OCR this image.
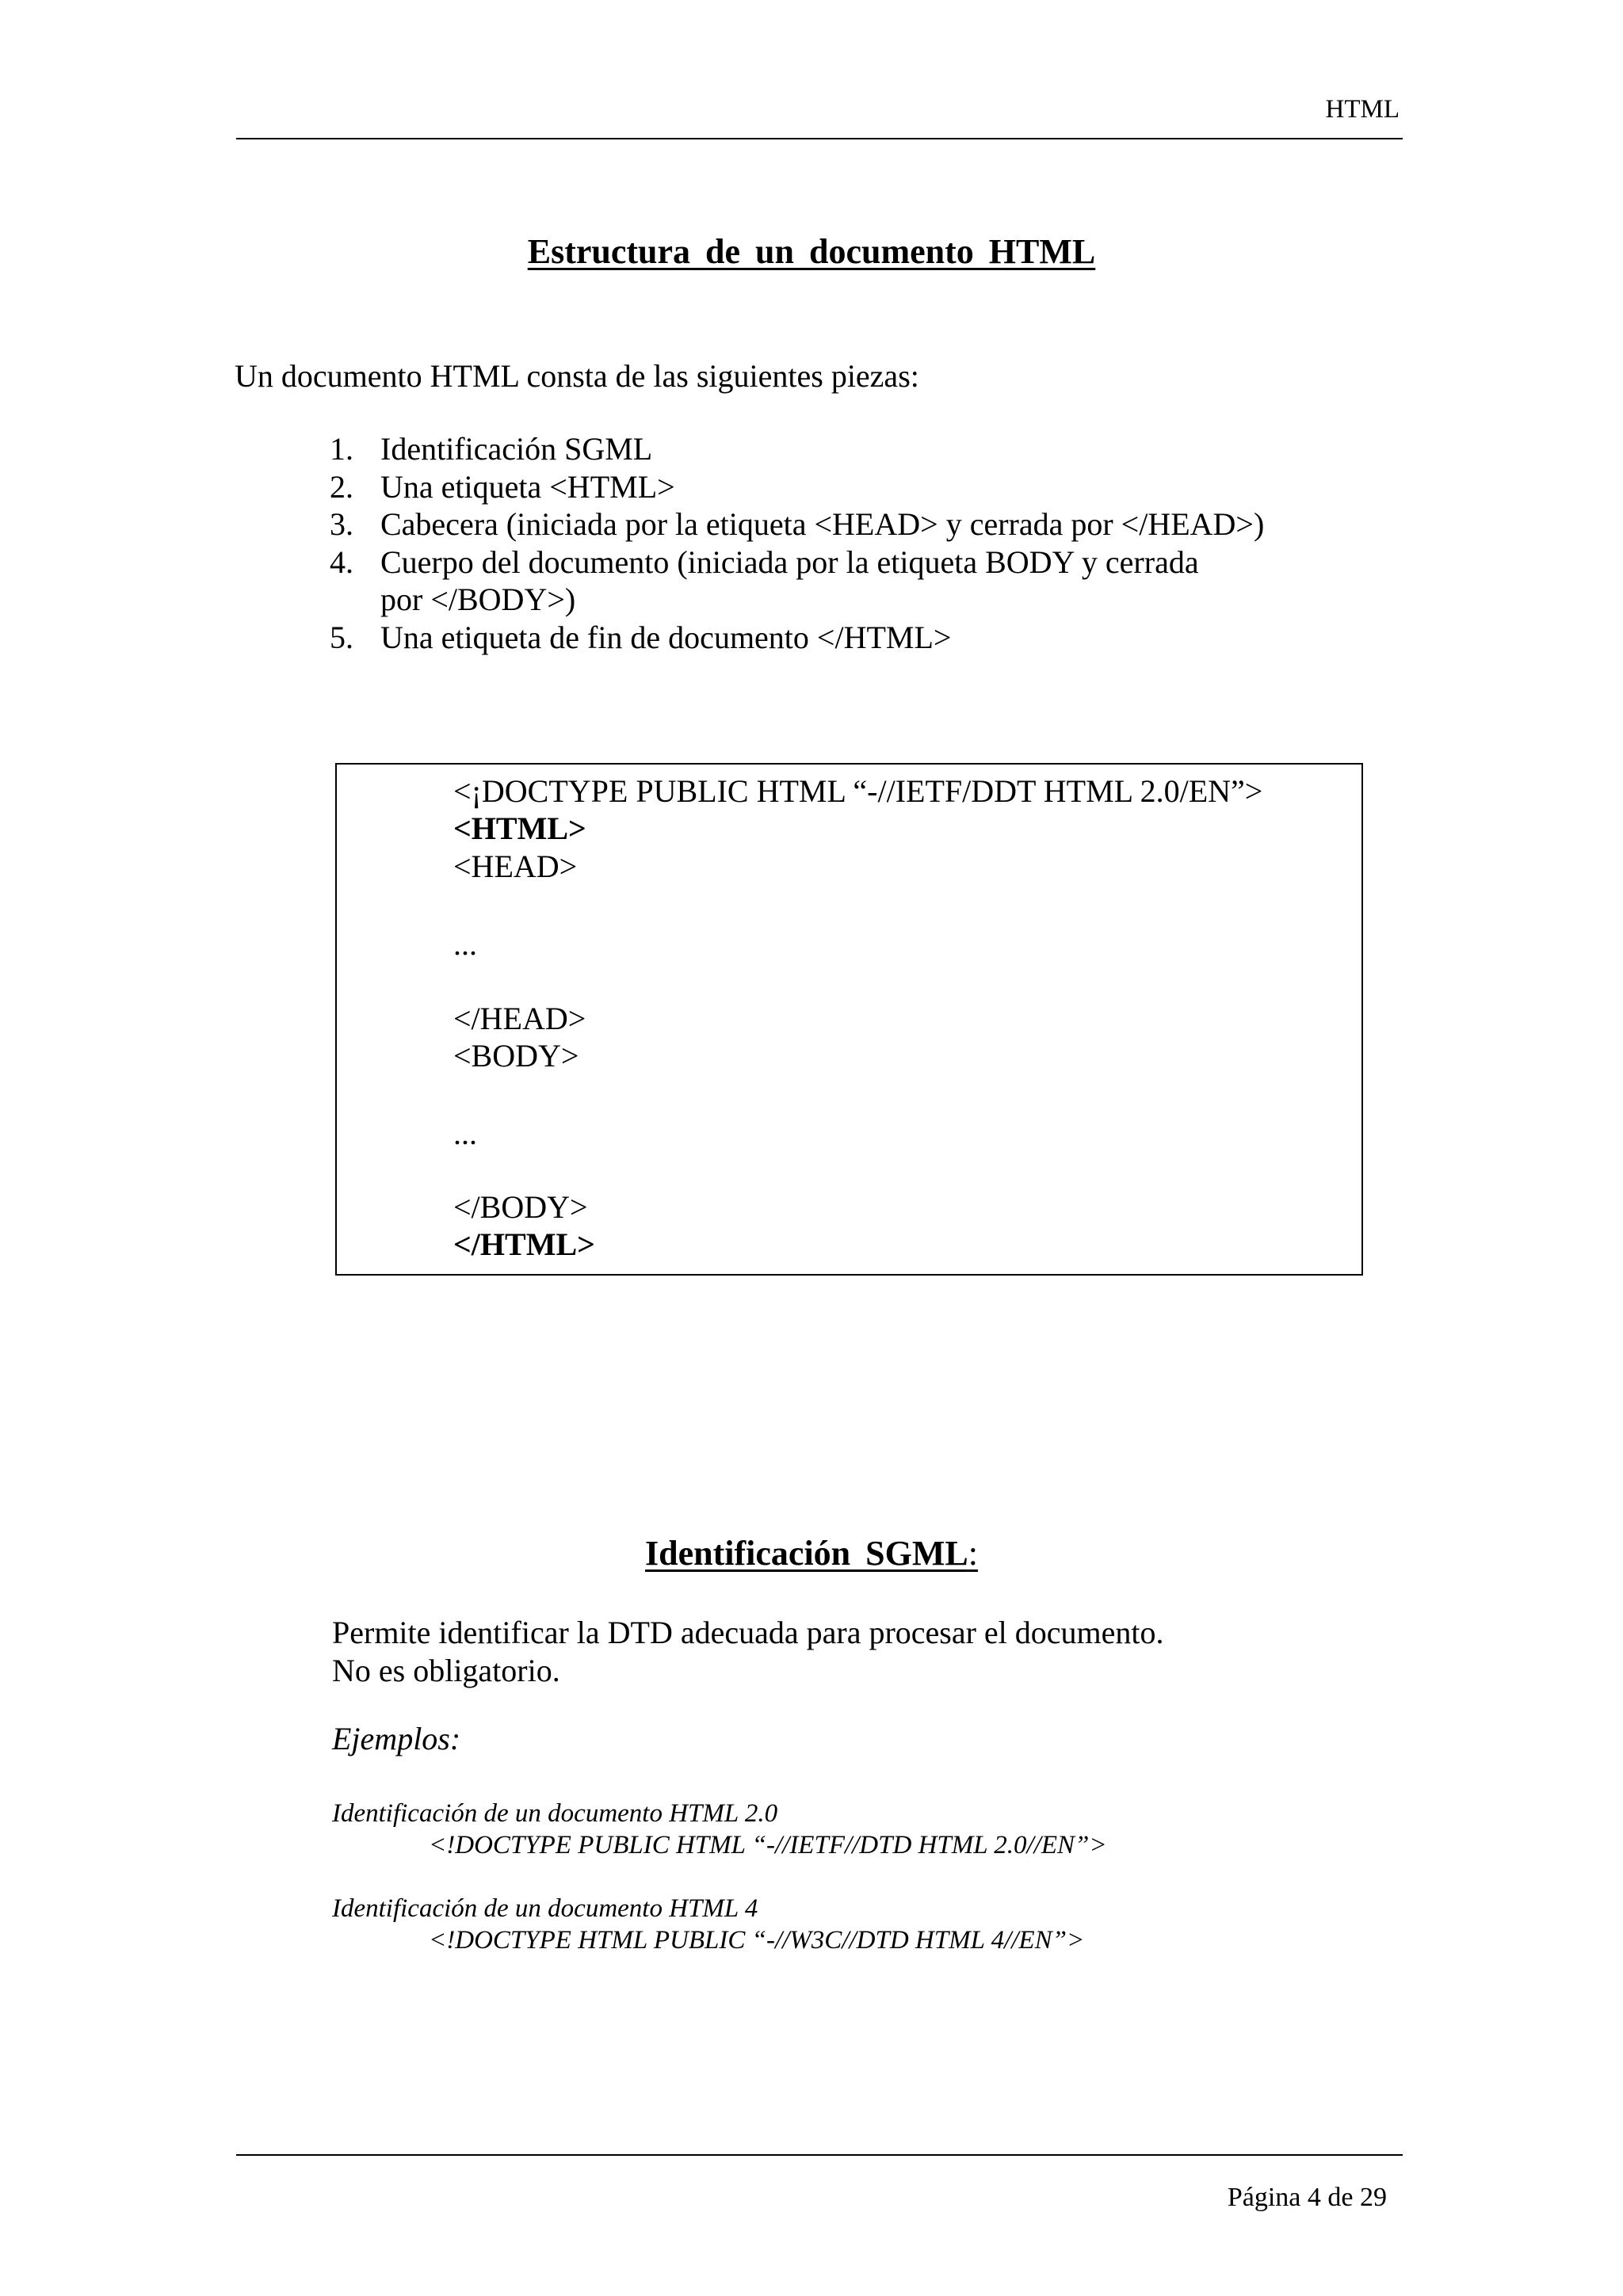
HTML
Estructura de un documento HTML
Un documento HTML consta de las siguientes piezas:
1. Identificación SGML
2. Una etiqueta <HTML>
3. Cabecera (iniciada por la etiqueta <HEAD> y cerrada por </HEAD>)
4. Cuerpo del documento (iniciada por la etiqueta BODY y cerrada por </BODY>)
5. Una etiqueta de fin de documento </HTML>
<¡DOCTYPE PUBLIC HTML “-//IETF/DDT HTML 2.0/EN”>
<HTML>
<HEAD>
...
</HEAD>
<BODY>
...
</BODY>
</HTML>
Identificación SGML:
Permite identificar la DTD adecuada para procesar el documento.
No es obligatorio.
Ejemplos:
Identificación de un documento HTML 2.0
<!DOCTYPE PUBLIC HTML “-//IETF//DTD HTML 2.0//EN”>
Identificación de un documento HTML 4
<!DOCTYPE HTML PUBLIC “-//W3C//DTD HTML 4//EN”>
Página 4 de 29
